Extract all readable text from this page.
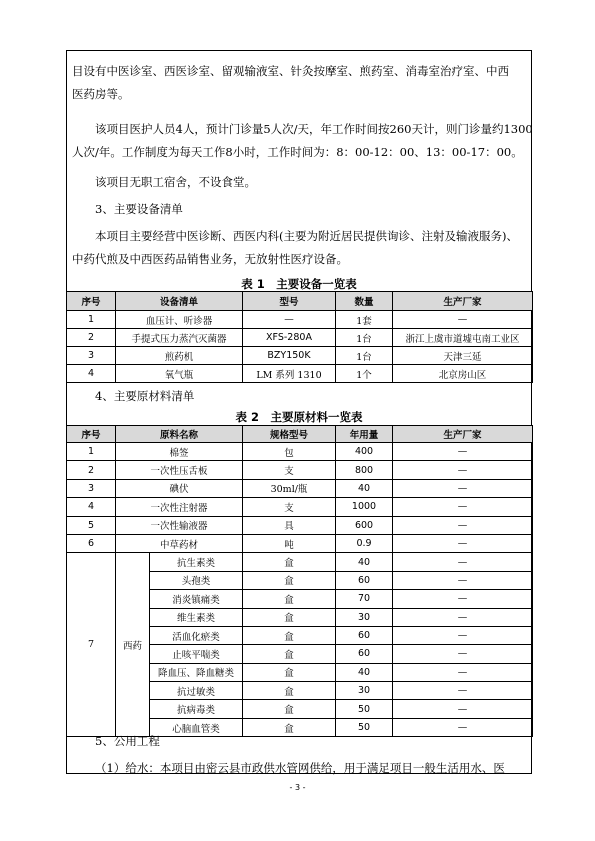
目设有中医诊室、西医诊室、留观输液室、针灸按摩室、煎药室、消毒室治疗室、中西
医药房等。
该项目医护人员4人，预计门诊量5人次/天，年工作时间按260天计，则门诊量约1300
人次/年。工作制度为每天工作8小时，工作时间为：8：00-12：00、13：00-17：00。
该项目无职工宿舍，不设食堂。
3、主要设备清单
本项目主要经营中医诊断、西医内科(主要为附近居民提供询诊、注射及输液服务)、
中药代煎及中西医药品销售业务，无放射性医疗设备。
表 1　主要设备一览表
序号	设备清单	型号	数量	生产厂家
1	血压计、听诊器	—	1套	—
2	手提式压力蒸汽灭菌器	XFS-280A	1台	浙江上虞市道墟屯南工业区
3	煎药机	BZY150K	1台	天津三延
4	氧气瓶	LM 系列 1310	1个	北京房山区
4、主要原材料清单
表 2　主要原材料一览表
序号	原料名称		规格型号	年用量	生产厂家
1	棉签		包	400	—
2	一次性压舌板		支	800	—
3	碘伏		30ml/瓶	40	—
4	一次性注射器		支	1000	—
5	一次性输液器		具	600	—
6	中草药材		吨	0.9	—
7	西药	抗生素类	盒	40	—
		头孢类	盒	60	—
		消炎镇痛类	盒	70	—
		维生素类	盒	30	—
		活血化瘀类	盒	60	—
		止咳平喘类	盒	60	—
		降血压、降血糖类	盒	40	—
		抗过敏类	盒	30	—
		抗病毒类	盒	50	—
		心脑血管类	盒	50	—
5、公用工程
（1）给水：本项目由密云县市政供水管网供给，用于满足项目一般生活用水、医
- 3 -
